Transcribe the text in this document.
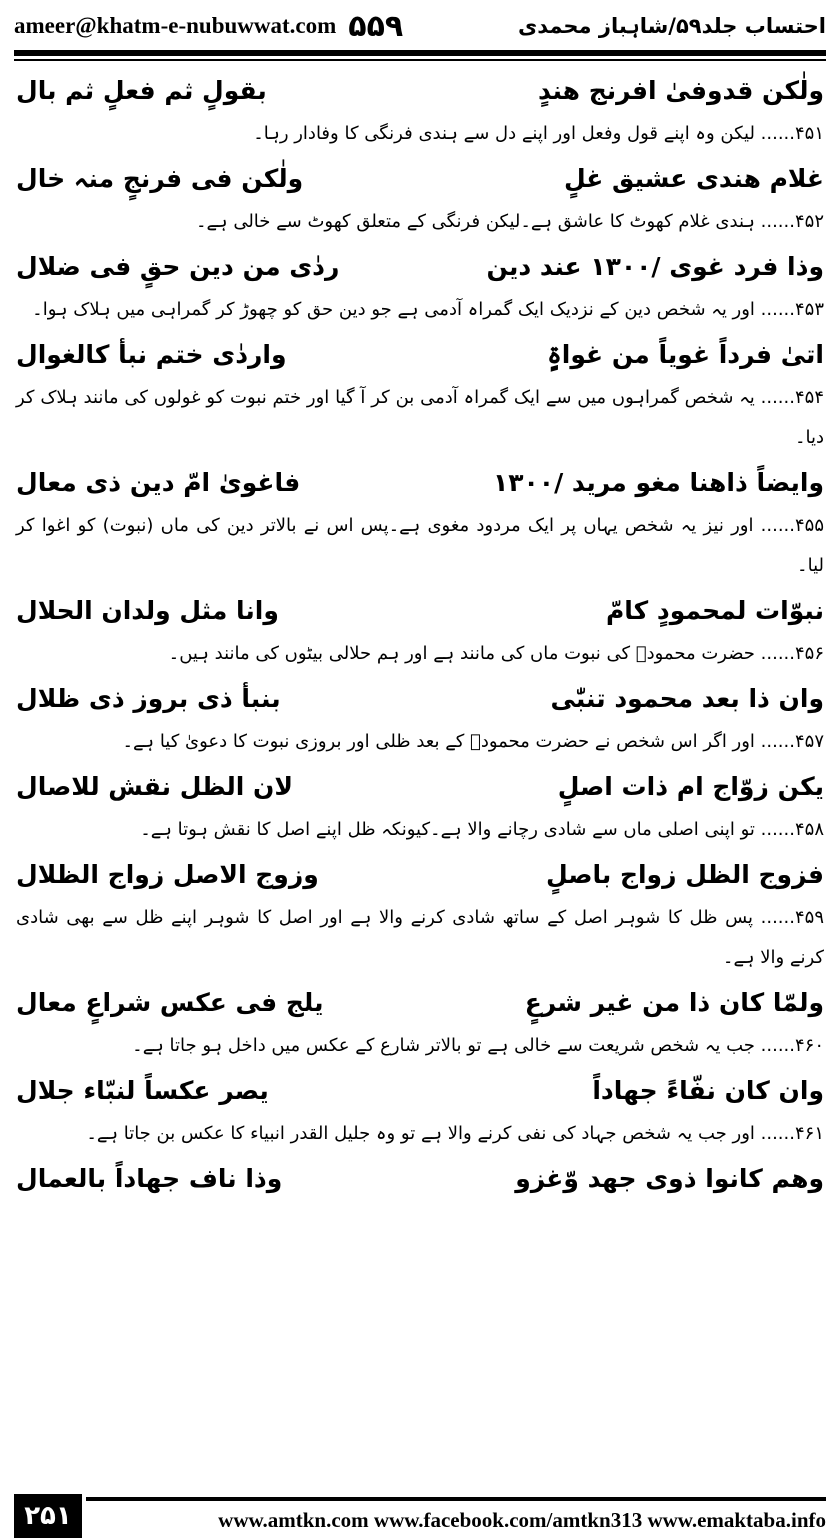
ameer@khatm-e-nubuwwat.com ۵۵۹	احتساب جلد۵۹/شاہباز محمدی
ولٰکن قدوفیٰ افرنج ھندٍ
بقولٍ ثم فعلٍ ثم بال
۴۵۱...... لیکن وہ اپنے قول وفعل اور اپنے دل سے ہندی فرنگی کا وفادار رہا۔
غلام ھندی عشیق غلٍ
ولٰکن فی فرنجٍ منہ خال
۴۵۲...... ہندی غلام کھوٹ کا عاشق ہے۔لیکن فرنگی کے متعلق کھوٹ سے خالی ہے۔
وذا فرد غوی /۱۳۰۰ عند دین
ردٰی من دین حقٍ فی ضلال
۴۵۳...... اور یہ شخص دین کے نزدیک ایک گمراہ آدمی ہے جو دین حق کو چھوڑ کر گمراہی میں ہلاک ہوا۔
اتیٰ فرداً غویاً من غواۃٍ
واردٰی ختم نبأ کالغوال
۴۵۴...... یہ شخص گمراہوں میں سے ایک گمراہ آدمی بن کر آ گیا اور ختم نبوت کو غولوں کی مانند ہلاک کر دیا۔
وایضاً ذاھنا مغو مرید /۱۳۰۰
فاغویٰ امّ دین ذی معال
۴۵۵...... اور نیز یہ شخص یہاں پر ایک مردود مغوی ہے۔پس اس نے بالاتر دین کی ماں (نبوت) کو اغوا کر لیا۔
نبوّات لمحمودٍ کامّ
وانا مثل ولدان الحلال
۴۵۶...... حضرت محمودؒ کی نبوت ماں کی مانند ہے اور ہم حلالی بیٹوں کی مانند ہیں۔
وان ذا بعد محمود تنبّٰی
بنبأ ذی بروز ذی ظلال
۴۵۷...... اور اگر اس شخص نے حضرت محمودؒ کے بعد ظلی اور بروزی نبوت کا دعویٰ کیا ہے۔
یکن زوّاج ام ذات اصلٍ
لان الظل نقش للاصال
۴۵۸...... تو اپنی اصلی ماں سے شادی رچانے والا ہے۔کیونکہ ظل اپنے اصل کا نقش ہوتا ہے۔
فزوج الظل زواج باصلٍ
وزوج الاصل زواج الظلال
۴۵۹...... پس ظل کا شوہر اصل کے ساتھ شادی کرنے والا ہے اور اصل کا شوہر اپنے ظل سے بھی شادی کرنے والا ہے۔
ولمّا کان ذا من غیر شرعٍ
یلج فی عکس شراعٍ معال
۴۶۰...... جب یہ شخص شریعت سے خالی ہے تو بالاتر شارع کے عکس میں داخل ہو جاتا ہے۔
وان کان نفّاءً جھاداً
یصر عکساً لنبّاء جلال
۴۶۱...... اور جب یہ شخص جہاد کی نفی کرنے والا ہے تو وہ جلیل القدر انبیاء کا عکس بن جاتا ہے۔
وھم کانوا ذوی جھد وّغزو
وذا ناف جھاداً بالعمال
۲۵۱	www.amtkn.com www.facebook.com/amtkn313 www.emaktaba.info
